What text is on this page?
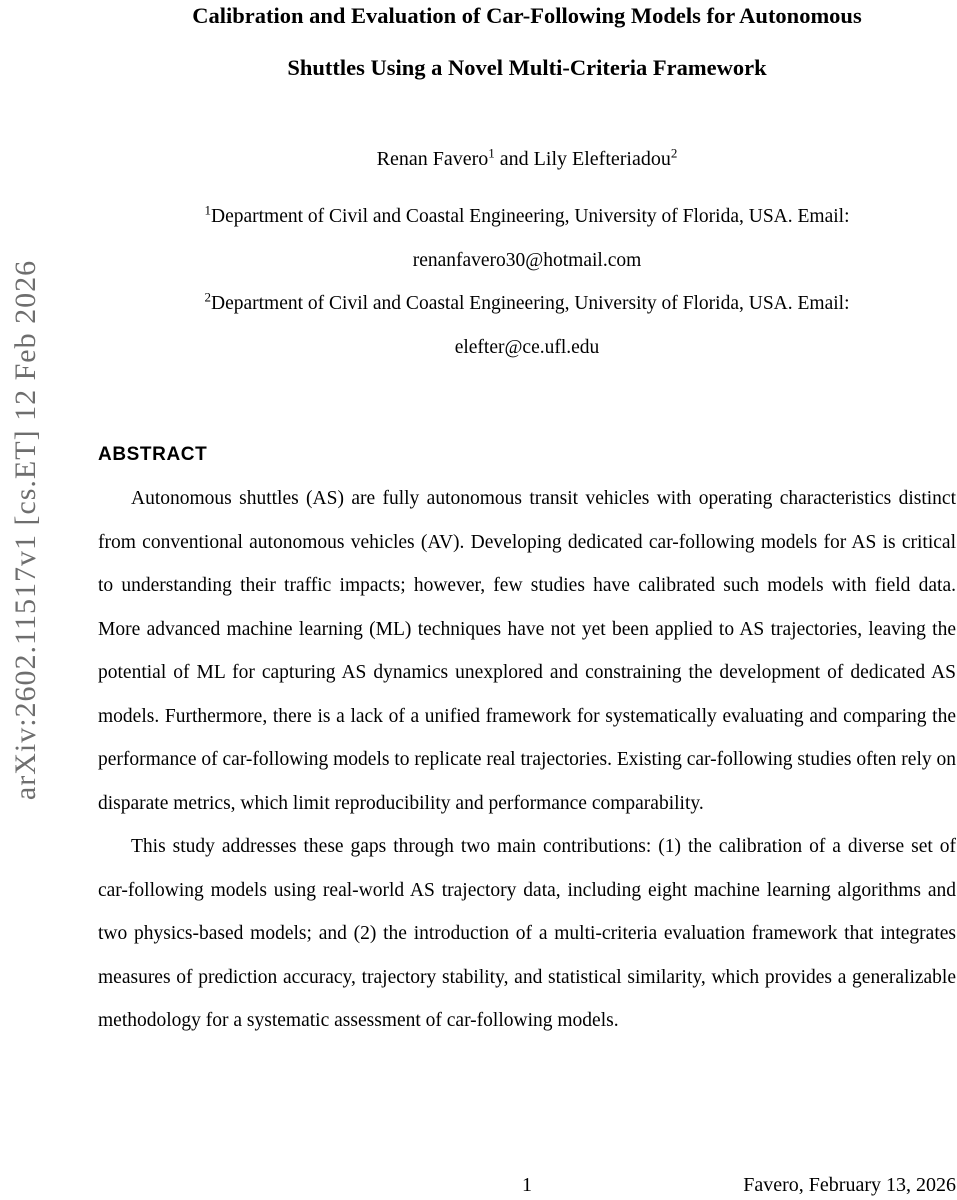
arXiv:2602.11517v1 [cs.ET] 12 Feb 2026
Calibration and Evaluation of Car-Following Models for Autonomous
Shuttles Using a Novel Multi-Criteria Framework
Renan Favero$^1$ and Lily Elefteriadou$^2$
$^1$Department of Civil and Coastal Engineering, University of Florida, USA. Email:
renanfavero30@hotmail.com
$^2$Department of Civil and Coastal Engineering, University of Florida, USA. Email:
elefter@ce.ufl.edu
ABSTRACT

Autonomous shuttles (AS) are fully autonomous transit vehicles with operating characteristics distinct from conventional autonomous vehicles (AV). Developing dedicated car-following models for AS is critical to understanding their traffic impacts; however, few studies have calibrated such models with field data. More advanced machine learning (ML) techniques have not yet been applied to AS trajectories, leaving the potential of ML for capturing AS dynamics unexplored and constraining the development of dedicated AS models. Furthermore, there is a lack of a unified framework for systematically evaluating and comparing the performance of car-following models to replicate real trajectories. Existing car-following studies often rely on disparate metrics, which limit reproducibility and performance comparability.

This study addresses these gaps through two main contributions: (1) the calibration of a diverse set of car-following models using real-world AS trajectory data, including eight machine learning algorithms and two physics-based models; and (2) the introduction of a multi-criteria evaluation framework that integrates measures of prediction accuracy, trajectory stability, and statistical similarity, which provides a generalizable methodology for a systematic assessment of car-following models.

1	Favero, February 13, 2026
